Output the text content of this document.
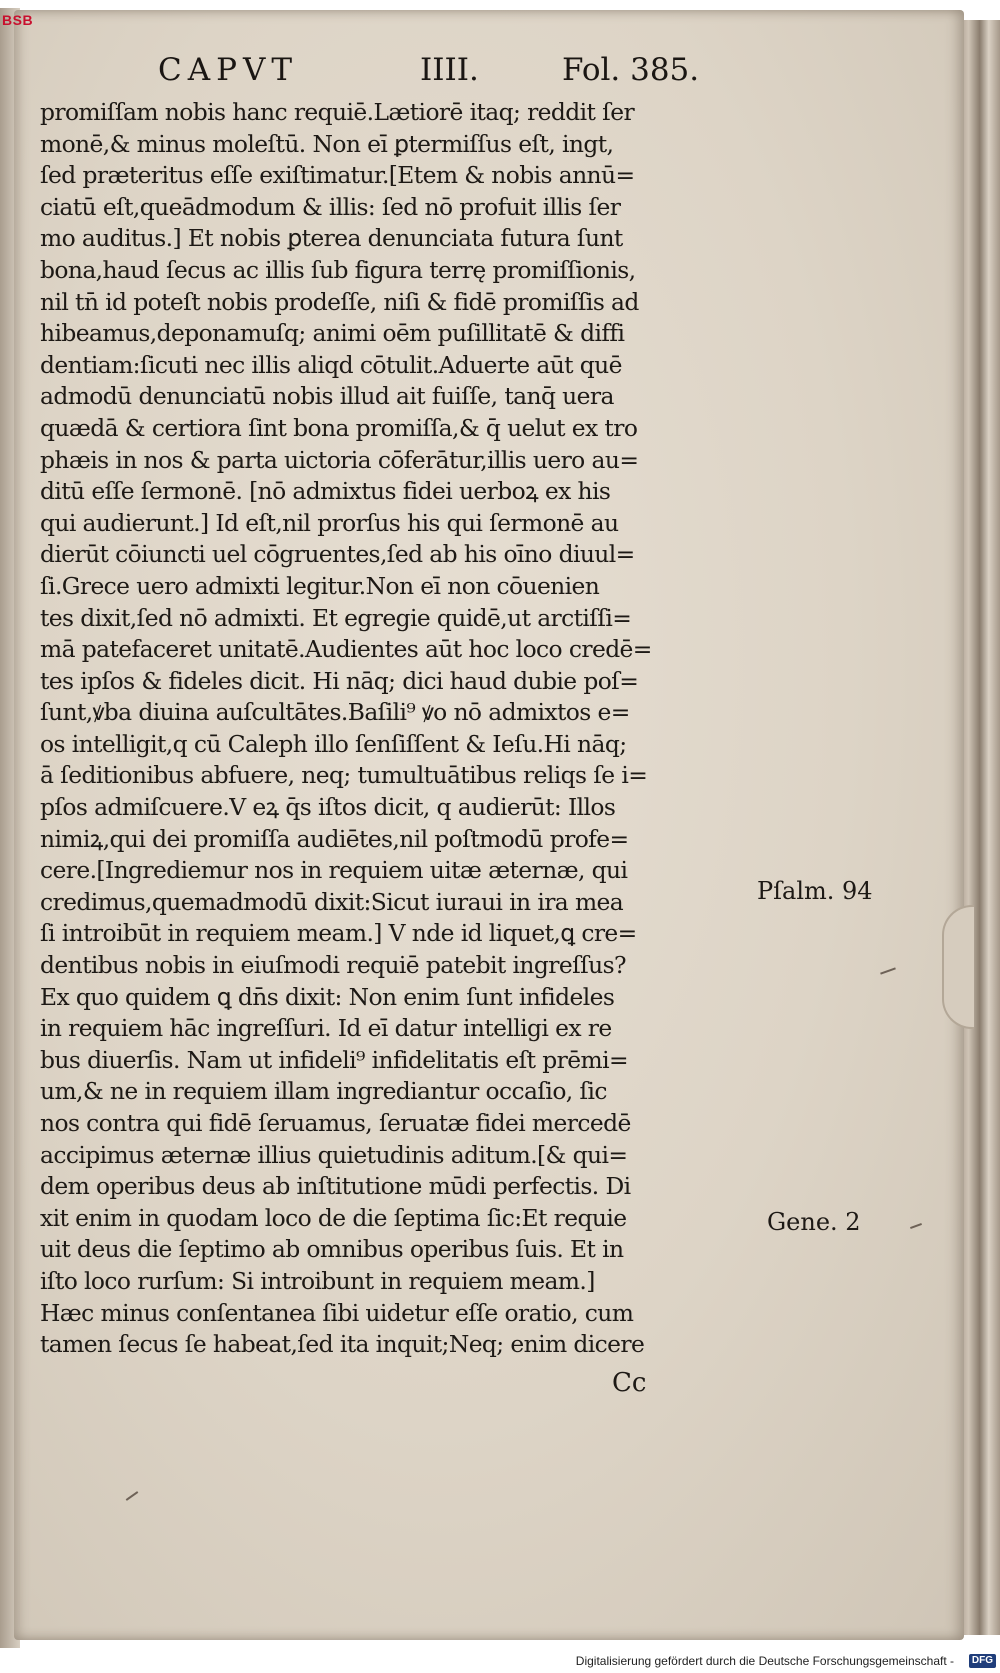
BSB
CAPVT	IIII.	Fol. 385.
promiſſam nobis hanc requiē.Lætiorē itaq; reddit ſer
monē,& minus moleſtū. Non eī ꝑtermiſſus eſt, ingt,
ſed præteritus eſſe exiſtimatur.[Etem & nobis annū=
ciatū eſt,queādmodum & illis: ſed nō profuit illis ſer
mo auditus.] Et nobis ꝑterea denunciata futura ſunt
bona,haud ſecus ac illis ſub figura terrę promiſſionis,
nil tn̄ id poteſt nobis prodeſſe, niſi & fidē promiſſis ad
hibeamus,deponamuſq; animi oēm puſillitatē & diffi
dentiam:ſicuti nec illis aliqd cōtulit.Aduerte aūt quē
admodū denunciatū nobis illud ait fuiſſe, tanq̄ uera
quædā & certiora ſint bona promiſſa,& q̄ uelut ex tro
phæis in nos & parta uictoria cōferātur,illis uero au=
ditū eſſe ſermonē. [nō admixtus fidei uerboꝝ ex his
qui audierunt.] Id eſt,nil prorſus his qui ſermonē au
dierūt cōiuncti uel cōgruentes,ſed ab his oīno diuul=
ſi.Grece uero admixti legitur.Non eī non cōuenien
tes dixit,ſed nō admixti. Et egregie quidē,ut arctiſſi=
mā patefaceret unitatē.Audientes aūt hoc loco credē=
tes ipſos & fideles dicit. Hi nāq; dici haud dubie poſ=
ſunt,ꝟba diuina auſcultātes.Baſili⁹ ꝟo nō admixtos e=
os intelligit,q cū Caleph illo ſenſiſſent & Ieſu.Hi nāq;
ā ſeditionibus abfuere, neq; tumultuātibus reliqs ſe i=
pſos admiſcuere.V eꝝ q̄s iſtos dicit, q audierūt: Illos
nimiꝝ,qui dei promiſſa audiētes,nil poſtmodū profe=
cere.[Ingrediemur nos in requiem uitæ æternæ, qui
credimus,quemadmodū dixit:Sicut iuraui in ira mea
ſi introibūt in requiem meam.] V nde id liquet,ꝗ cre=
dentibus nobis in eiuſmodi requiē patebit ingreſſus?
Ex quo quidem ꝗ dn̄s dixit: Non enim ſunt infideles
in requiem hāc ingreſſuri. Id eī datur intelligi ex re
bus diuerſis. Nam ut infideli⁹ infidelitatis eſt prēmi=
um,& ne in requiem illam ingrediantur occaſio, ſic
nos contra qui fidē ſeruamus, ſeruatæ fidei mercedē
accipimus æternæ illius quietudinis aditum.[& qui=
dem operibus deus ab inſtitutione mūdi perfectis. Di
xit enim in quodam loco de die ſeptima ſic:Et requie
uit deus die ſeptimo ab omnibus operibus ſuis. Et in
iſto loco rurſum: Si introibunt in requiem meam.]
Hæc minus conſentanea ſibi uidetur eſſe oratio, cum
tamen ſecus ſe habeat,ſed ita inquit;Neq; enim dicere
Pſalm. 94
Gene. 2
Cc
Digitalisierung gefördert durch die Deutsche Forschungsgemeinschaft -	DFG
